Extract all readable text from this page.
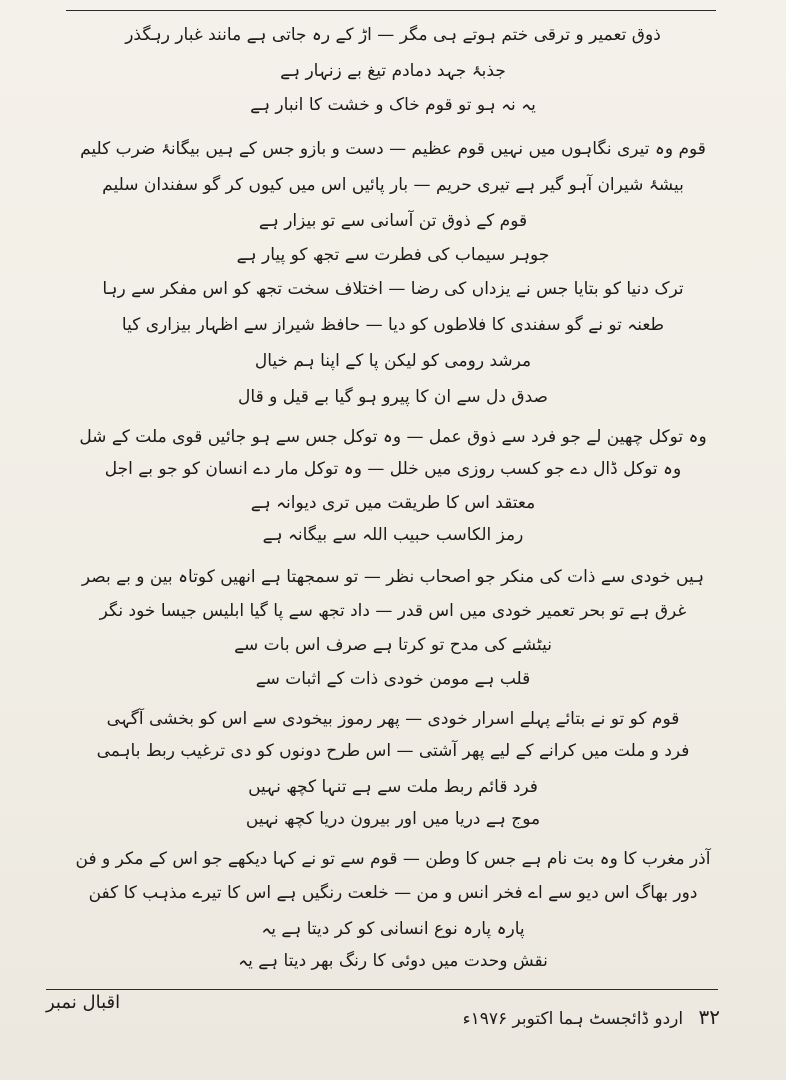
ذوق تعمیر و ترقی ختم ہوتے ہی مگر — اڑ کے رہ جاتی ہے مانند غبار رہگذر
جذبۂ جہد دمادم تیغ بے زنہار ہے
یہ نہ ہو تو قوم خاک و خشت کا انبار ہے
قوم وہ تیری نگاہوں میں نہیں قوم عظیم — دست و بازو جس کے ہیں بیگانۂ ضرب کلیم
بیشۂ شیران آہو گیر ہے تیری حریم — بار پائیں اس میں کیوں کر گو سفندان سلیم
قوم کے ذوق تن آسانی سے تو بیزار ہے
جوہر سیماب کی فطرت سے تجھ کو پیار ہے
ترک دنیا کو بتایا جس نے یزداں کی رضا — اختلاف سخت تجھ کو اس مفکر سے رہا
طعنہ تو نے گو سفندی کا فلاطوں کو دیا — حافظ شیراز سے اظہار بیزاری کیا
مرشد رومی کو لیکن پا کے اپنا ہم خیال
صدق دل سے ان کا پیرو ہو گیا بے قیل و قال
وہ توکل چھین لے جو فرد سے ذوق عمل — وہ توکل جس سے ہو جائیں قوی ملت کے شل
وہ توکل ڈال دے جو کسب روزی میں خلل — وہ توکل مار دے انسان کو جو بے اجل
معتقد اس کا طریقت میں تری دیوانہ ہے
رمز الکاسب حبیب اللہ سے بیگانہ ہے
ہیں خودی سے ذات کی منکر جو اصحاب نظر — تو سمجھتا ہے انھیں کوتاہ بین و بے بصر
غرق ہے تو بحر تعمیر خودی میں اس قدر — داد تجھ سے پا گیا ابلیس جیسا خود نگر
نیٹشے کی مدح تو کرتا ہے صرف اس بات سے
قلب ہے مومن خودی ذات کے اثبات سے
قوم کو تو نے بتائے پہلے اسرار خودی — پھر رموز بیخودی سے اس کو بخشی آگہی
فرد و ملت میں کرانے کے لیے پھر آشتی — اس طرح دونوں کو دی ترغیب ربط باہمی
فرد قائم ربط ملت سے ہے تنہا کچھ نہیں
موج ہے دریا میں اور بیرون دریا کچھ نہیں
آذر مغرب کا وہ بت نام ہے جس کا وطن — قوم سے تو نے کہا دیکھے جو اس کے مکر و فن
دور بھاگ اس دیو سے اے فخر انس و من — خلعت رنگیں ہے اس کا تیرے مذہب کا کفن
پارہ پارہ نوع انسانی کو کر دیتا ہے یہ
نقش وحدت میں دوئی کا رنگ بھر دیتا ہے یہ
اقبال نمبر
۳۲ اردو ڈائجسٹ ہما اکتوبر ۱۹۷۶ء
